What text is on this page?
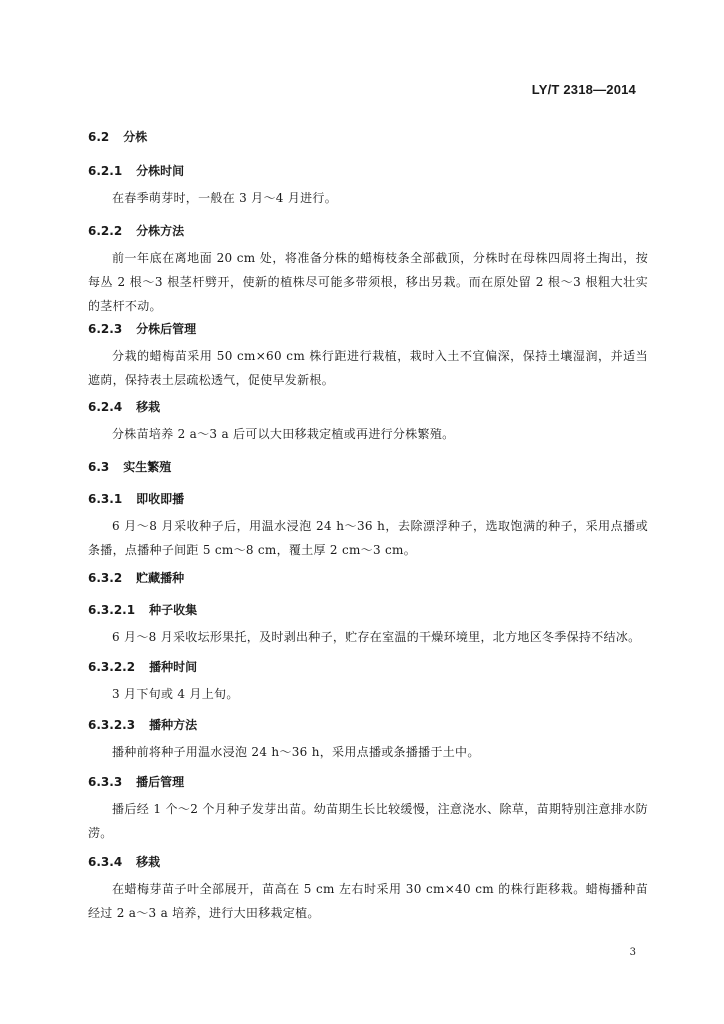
LY/T 2318—2014
6.2 分株
6.2.1 分株时间
在春季萌芽时，一般在 3 月～4 月进行。
6.2.2 分株方法
前一年底在离地面 20 cm 处，将准备分株的蜡梅枝条全部截顶，分株时在母株四周将土掏出，按每丛 2 根～3 根茎杆劈开，使新的植株尽可能多带须根，移出另栽。而在原处留 2 根～3 根粗大壮实的茎杆不动。
6.2.3 分株后管理
分栽的蜡梅苗采用 50 cm×60 cm 株行距进行栽植，栽时入土不宜偏深，保持土壤湿润，并适当遮荫，保持表土层疏松透气，促使早发新根。
6.2.4 移栽
分株苗培养 2 a～3 a 后可以大田移栽定植或再进行分株繁殖。
6.3 实生繁殖
6.3.1 即收即播
6 月～8 月采收种子后，用温水浸泡 24 h～36 h，去除漂浮种子，选取饱满的种子，采用点播或条播，点播种子间距 5 cm～8 cm，覆土厚 2 cm～3 cm。
6.3.2 贮藏播种
6.3.2.1 种子收集
6 月～8 月采收坛形果托，及时剥出种子，贮存在室温的干燥环境里，北方地区冬季保持不结冰。
6.3.2.2 播种时间
3 月下旬或 4 月上旬。
6.3.2.3 播种方法
播种前将种子用温水浸泡 24 h～36 h，采用点播或条播播于土中。
6.3.3 播后管理
播后经 1 个～2 个月种子发芽出苗。幼苗期生长比较缓慢，注意浇水、除草，苗期特别注意排水防涝。
6.3.4 移栽
在蜡梅芽苗子叶全部展开，苗高在 5 cm 左右时采用 30 cm×40 cm 的株行距移栽。蜡梅播种苗经过 2 a～3 a 培养，进行大田移栽定植。
3
